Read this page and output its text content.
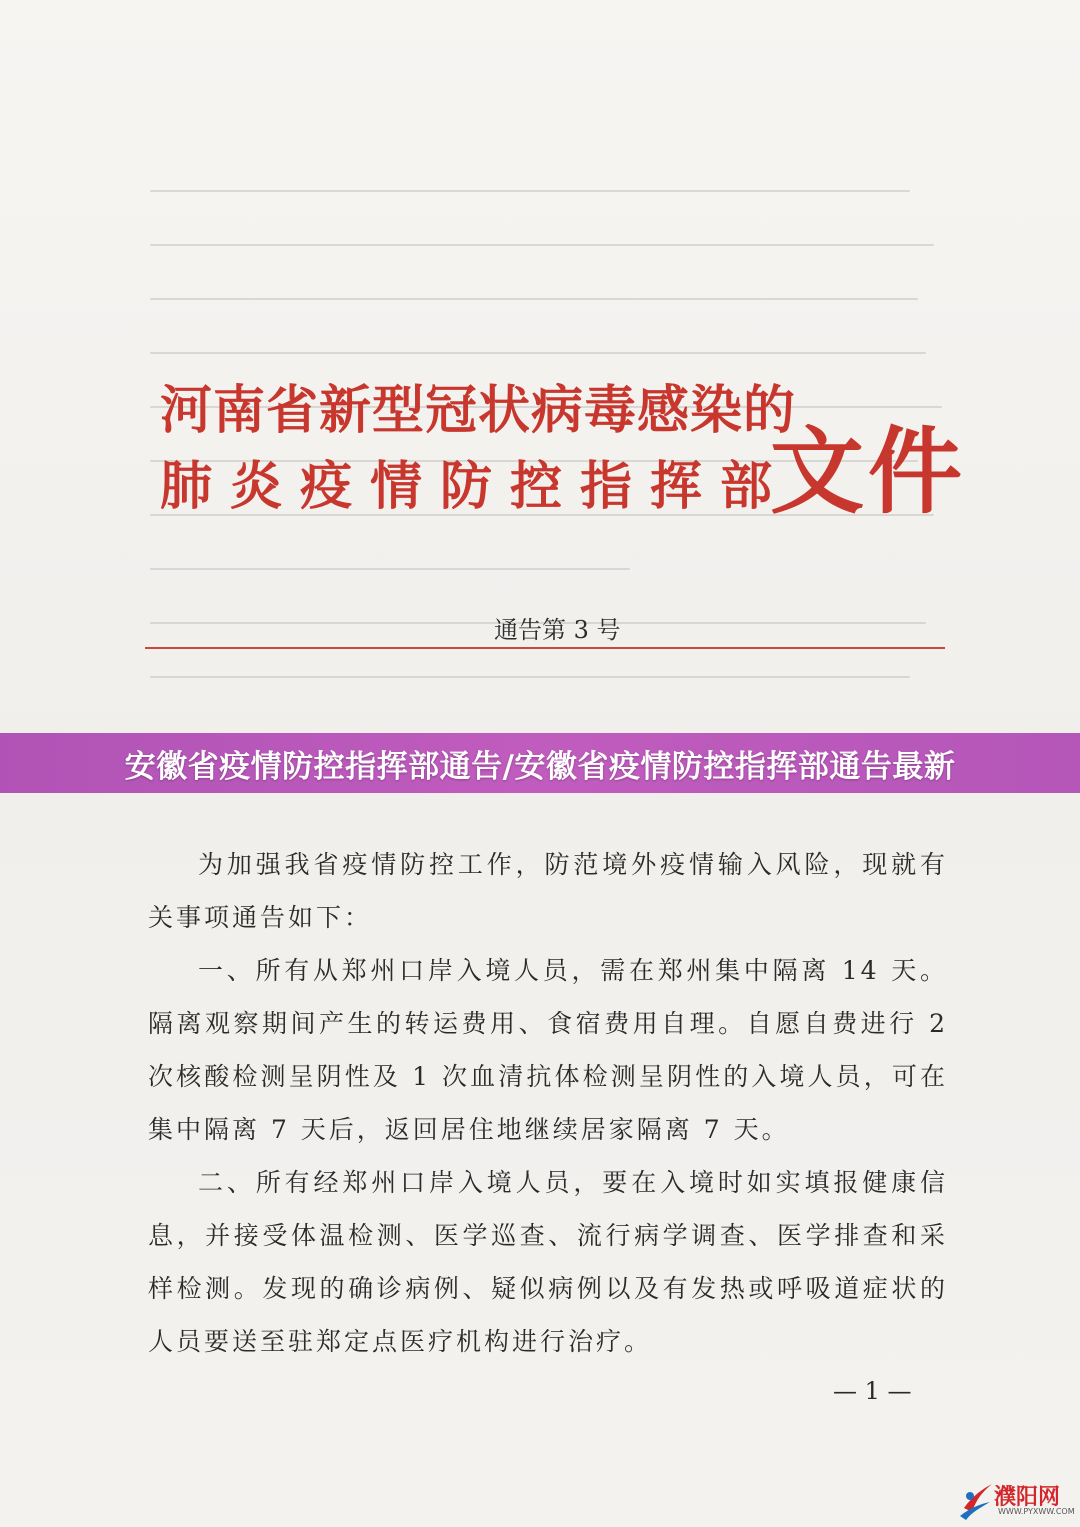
河南省新型冠状病毒感染的
肺炎疫情防控指挥部
文件
通告第 3 号
安徽省疫情防控指挥部通告/安徽省疫情防控指挥部通告最新

为加强我省疫情防控工作，防范境外疫情输入风险，现就有关事项通告如下：

一、所有从郑州口岸入境人员，需在郑州集中隔离 14 天。隔离观察期间产生的转运费用、食宿费用自理。自愿自费进行 2 次核酸检测呈阴性及 1 次血清抗体检测呈阴性的入境人员，可在集中隔离 7 天后，返回居住地继续居家隔离 7 天。

二、所有经郑州口岸入境人员，要在入境时如实填报健康信息，并接受体温检测、医学巡查、流行病学调查、医学排查和采样检测。发现的确诊病例、疑似病例以及有发热或呼吸道症状的人员要送至驻郑定点医疗机构进行治疗。

— 1 —
濮阳网
WWW.PYXWW.COM
